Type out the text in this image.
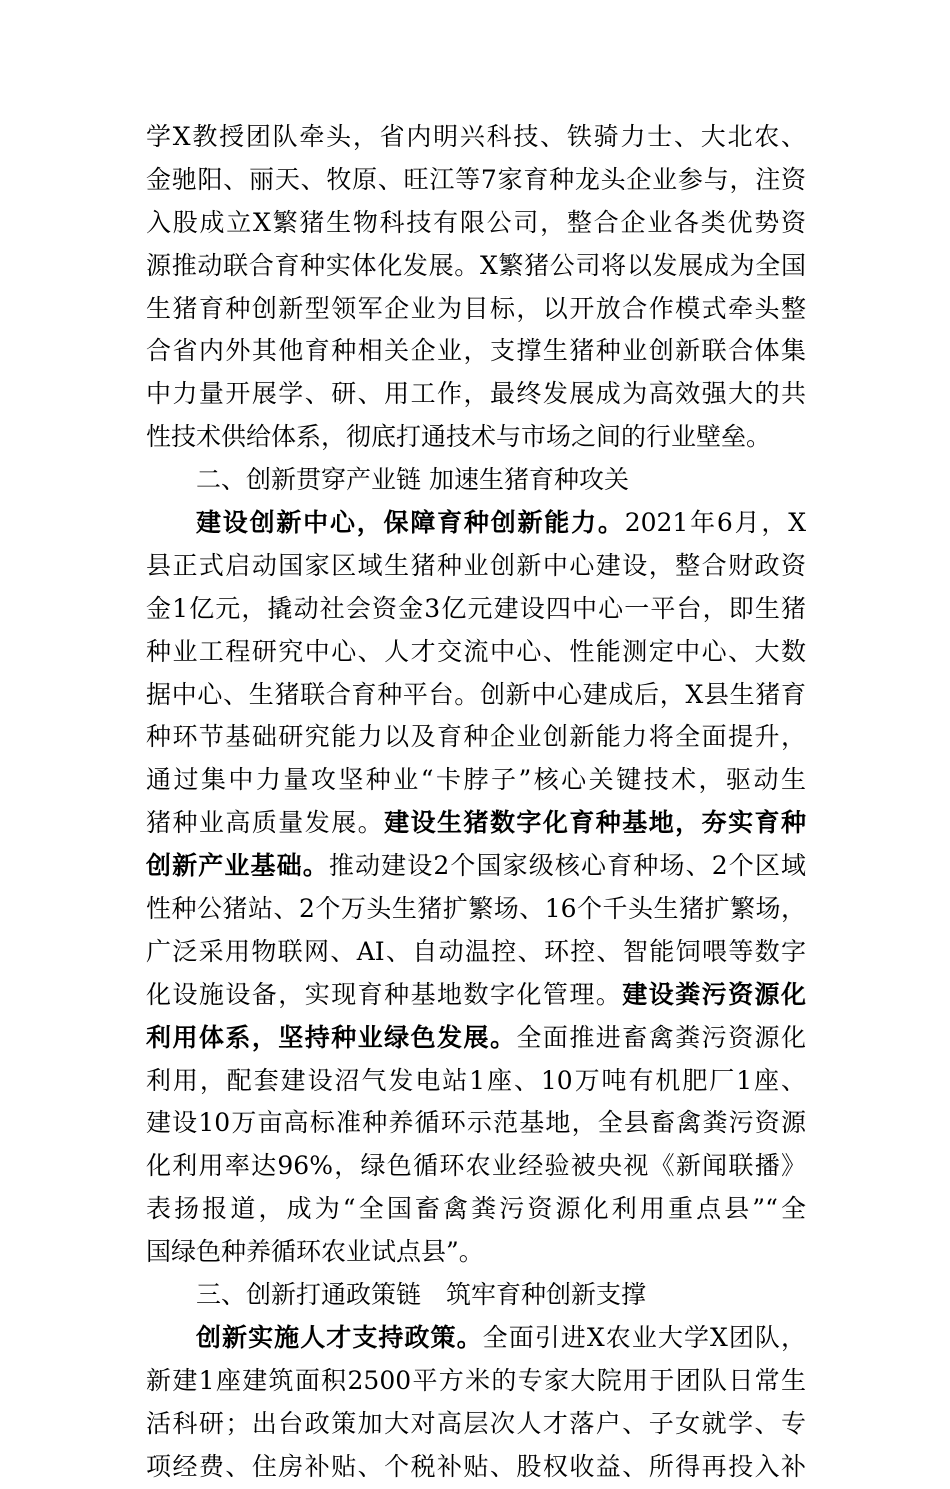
学X教授团队牵头，省内明兴科技、铁骑力士、大北农、
金驰阳、丽天、牧原、旺江等7家育种龙头企业参与，注资
入股成立X繁猪生物科技有限公司，整合企业各类优势资
源推动联合育种实体化发展。X繁猪公司将以发展成为全国
生猪育种创新型领军企业为目标，以开放合作模式牵头整
合省内外其他育种相关企业，支撑生猪种业创新联合体集
中力量开展学、研、用工作，最终发展成为高效强大的共
性技术供给体系，彻底打通技术与市场之间的行业壁垒。
二、创新贯穿产业链 加速生猪育种攻关
建设创新中心，保障育种创新能力。2021年6月，X
县正式启动国家区域生猪种业创新中心建设，整合财政资
金1亿元，撬动社会资金3亿元建设四中心一平台，即生猪
种业工程研究中心、人才交流中心、性能测定中心、大数
据中心、生猪联合育种平台。创新中心建成后，X县生猪育
种环节基础研究能力以及育种企业创新能力将全面提升，
通过集中力量攻坚种业“卡脖子”核心关键技术，驱动生
猪种业高质量发展。建设生猪数字化育种基地，夯实育种
创新产业基础。推动建设2个国家级核心育种场、2个区域
性种公猪站、2个万头生猪扩繁场、16个千头生猪扩繁场，
广泛采用物联网、AI、自动温控、环控、智能饲喂等数字
化设施设备，实现育种基地数字化管理。建设粪污资源化
利用体系，坚持种业绿色发展。全面推进畜禽粪污资源化
利用，配套建设沼气发电站1座、10万吨有机肥厂1座、
建设10万亩高标准种养循环示范基地，全县畜禽粪污资源
化利用率达96%，绿色循环农业经验被央视《新闻联播》
表扬报道，成为“全国畜禽粪污资源化利用重点县”“全
国绿色种养循环农业试点县”。
三、创新打通政策链　筑牢育种创新支撑
创新实施人才支持政策。全面引进X农业大学X团队，
新建1座建筑面积2500平方米的专家大院用于团队日常生
活科研；出台政策加大对高层次人才落户、子女就学、专
项经费、住房补贴、个税补贴、股权收益、所得再投入补
